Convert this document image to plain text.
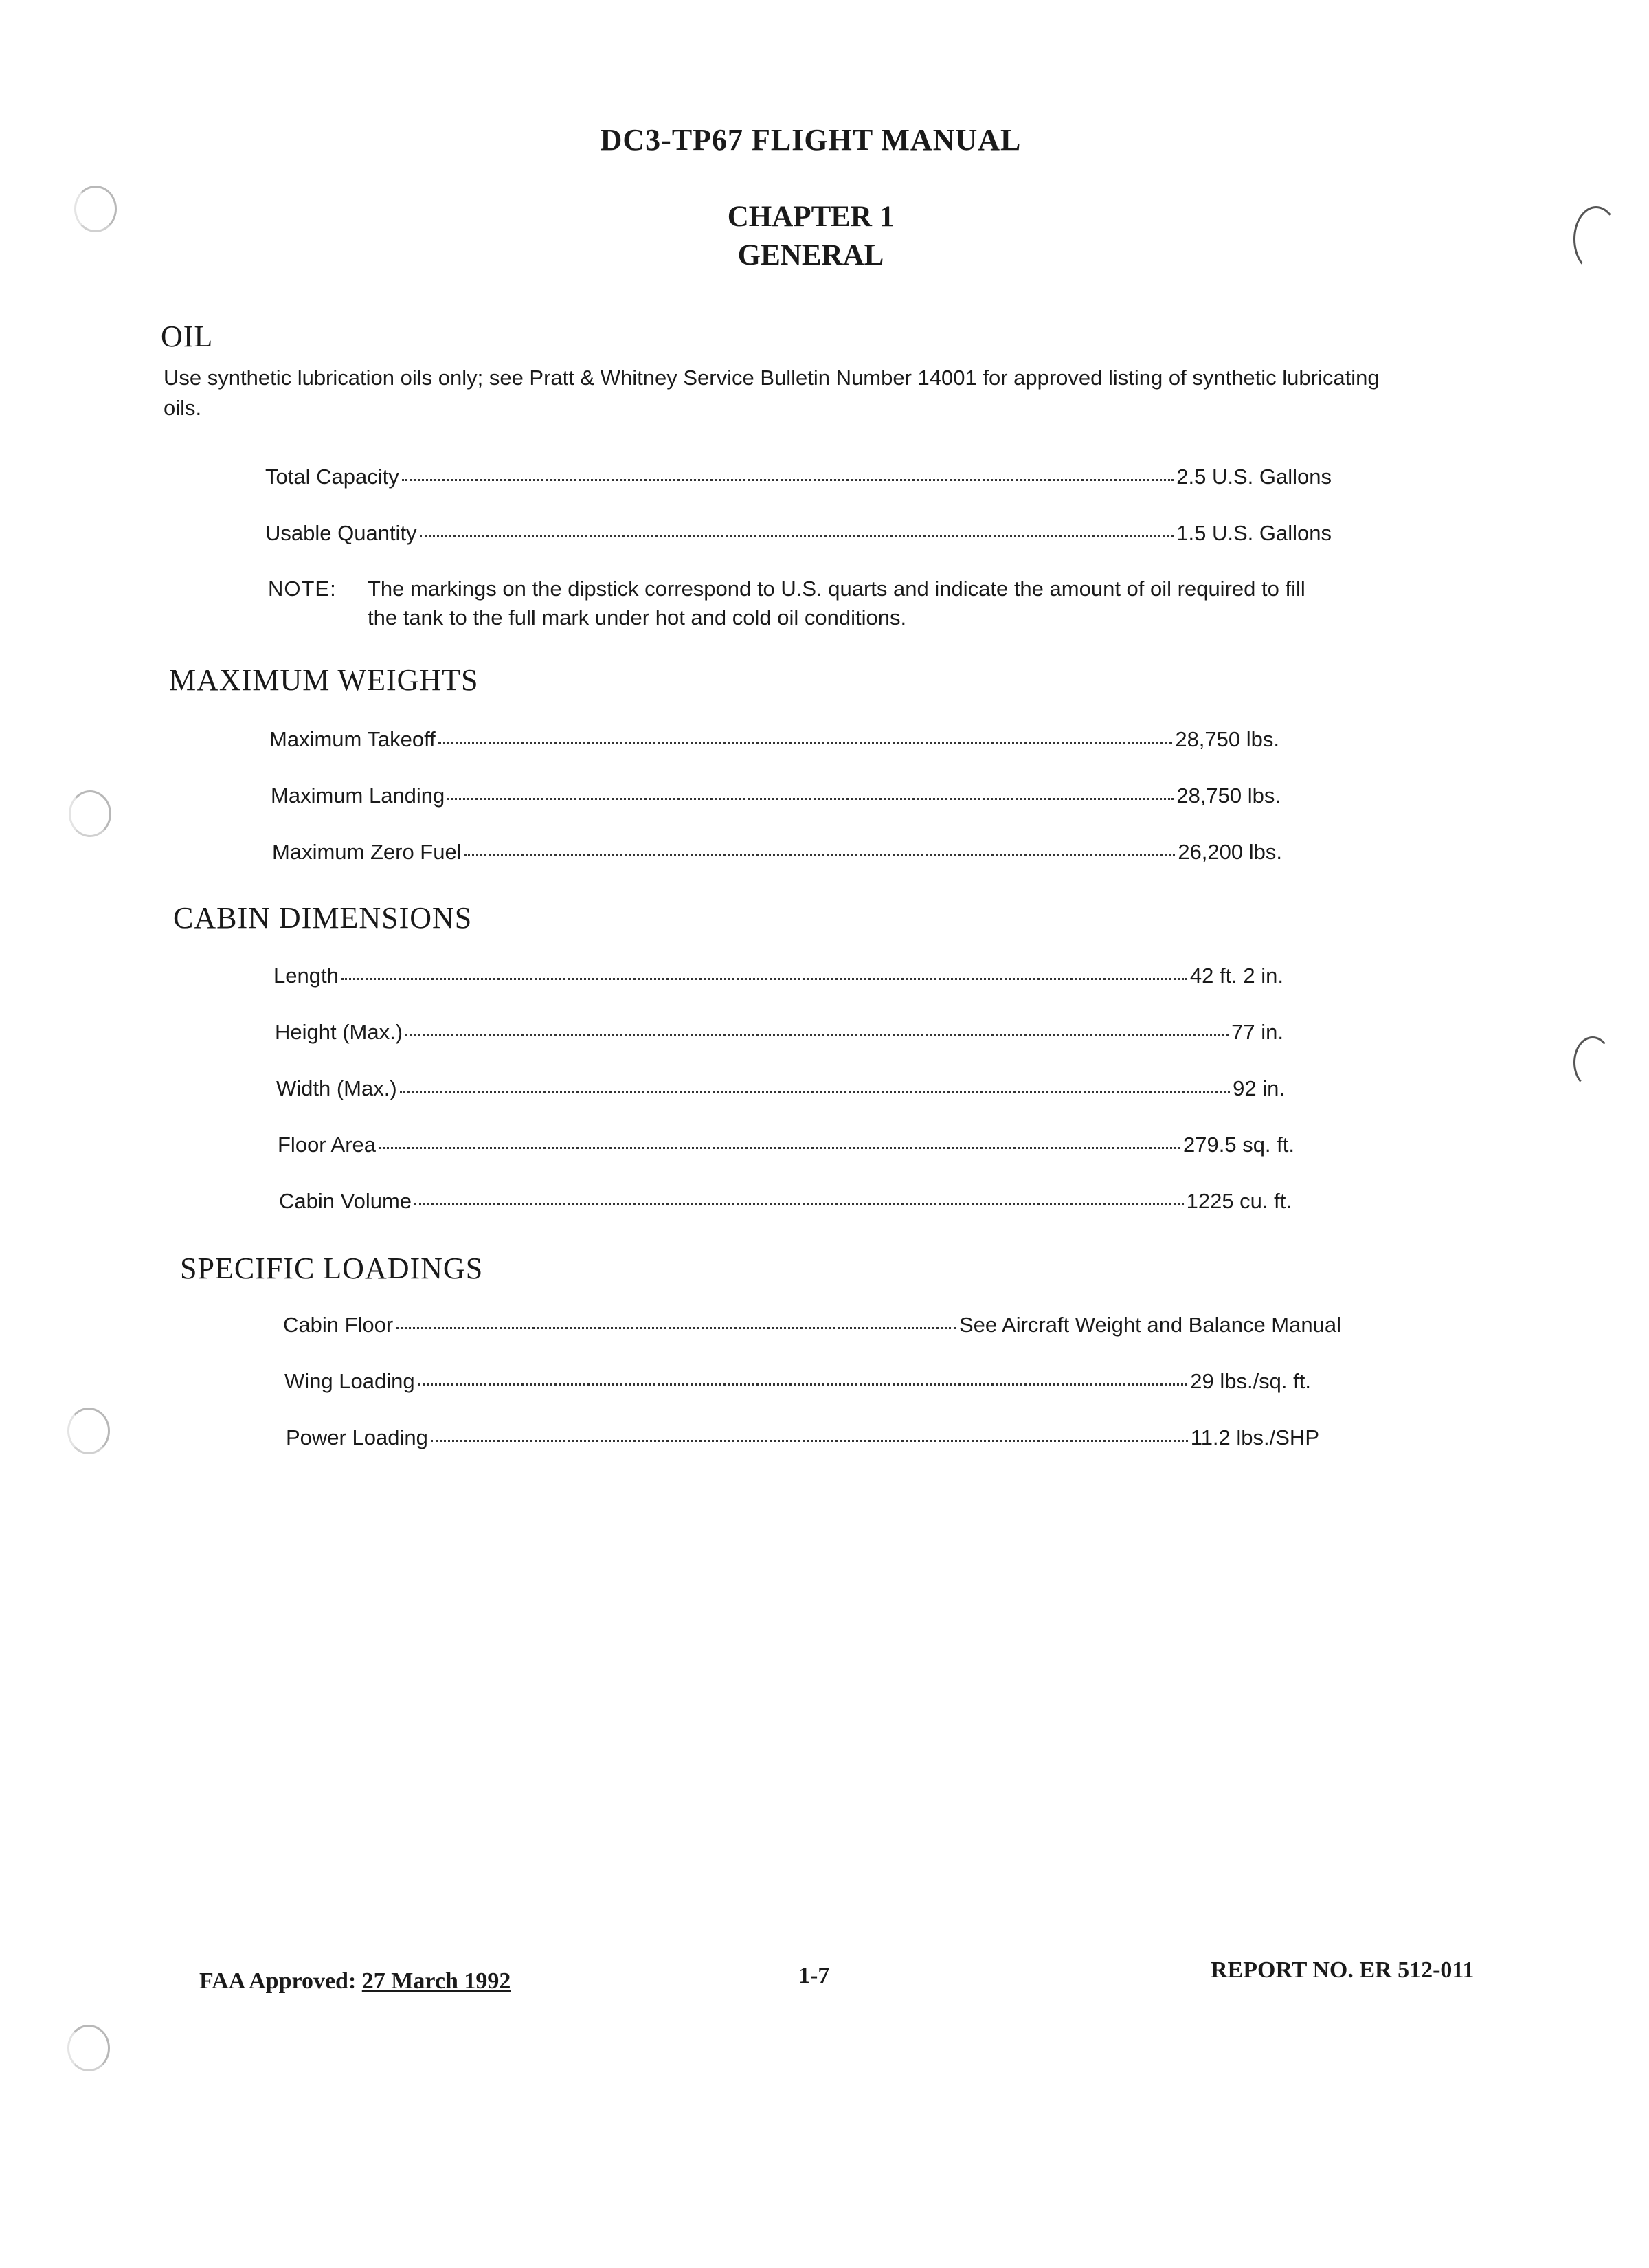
DC3-TP67 FLIGHT MANUAL
CHAPTER 1
GENERAL
OIL
Use synthetic lubrication oils only; see Pratt & Whitney Service Bulletin Number 14001 for approved listing of synthetic lubricating oils.
Total Capacity	2.5 U.S. Gallons
Usable Quantity	1.5 U.S. Gallons
NOTE:	The markings on the dipstick correspond to U.S. quarts and indicate the amount of oil required to fill the tank to the full mark under hot and cold oil conditions.
MAXIMUM WEIGHTS
Maximum Takeoff	28,750 lbs.
Maximum Landing	28,750 lbs.
Maximum Zero Fuel	26,200 lbs.
CABIN DIMENSIONS
Length	42 ft. 2 in.
Height (Max.)	77 in.
Width (Max.)	92 in.
Floor Area	279.5 sq. ft.
Cabin Volume	1225 cu. ft.
SPECIFIC LOADINGS
Cabin Floor	See Aircraft Weight and Balance Manual
Wing Loading	29 lbs./sq. ft.
Power Loading	11.2 lbs./SHP
FAA Approved: 27 March 1992	1-7	REPORT NO. ER 512-011
